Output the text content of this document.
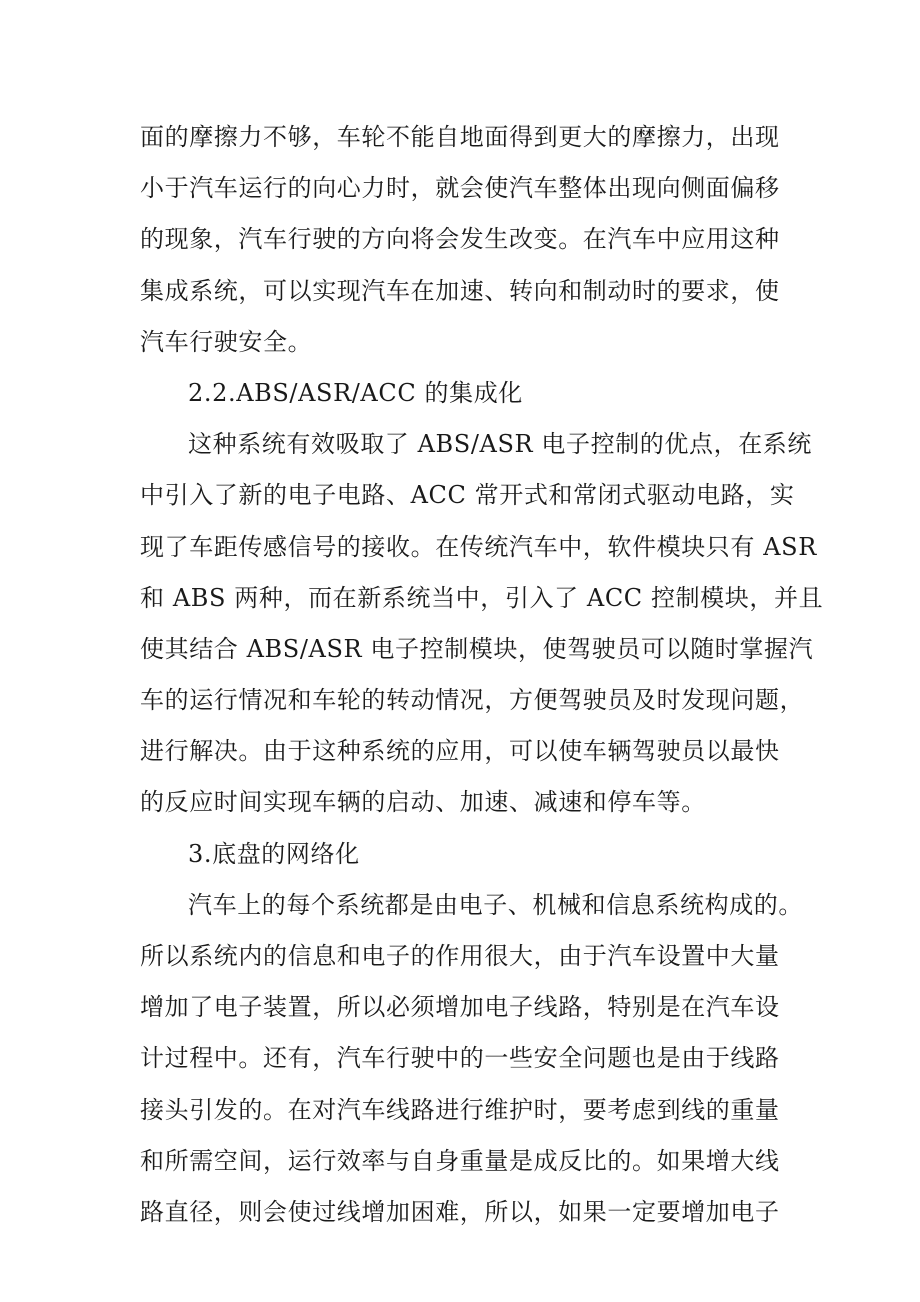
面的摩擦力不够，车轮不能自地面得到更大的摩擦力，出现
小于汽车运行的向心力时，就会使汽车整体出现向侧面偏移
的现象，汽车行驶的方向将会发生改变。在汽车中应用这种
集成系统，可以实现汽车在加速、转向和制动时的要求，使
汽车行驶安全。
2.2.ABS/ASR/ACC 的集成化
这种系统有效吸取了 ABS/ASR 电子控制的优点，在系统
中引入了新的电子电路、ACC 常开式和常闭式驱动电路，实
现了车距传感信号的接收。在传统汽车中，软件模块只有 ASR
和 ABS 两种，而在新系统当中，引入了 ACC 控制模块，并且
使其结合 ABS/ASR 电子控制模块，使驾驶员可以随时掌握汽
车的运行情况和车轮的转动情况，方便驾驶员及时发现问题，
进行解决。由于这种系统的应用，可以使车辆驾驶员以最快
的反应时间实现车辆的启动、加速、减速和停车等。
3.底盘的网络化
汽车上的每个系统都是由电子、机械和信息系统构成的。
所以系统内的信息和电子的作用很大，由于汽车设置中大量
增加了电子装置，所以必须增加电子线路，特别是在汽车设
计过程中。还有，汽车行驶中的一些安全问题也是由于线路
接头引发的。在对汽车线路进行维护时，要考虑到线的重量
和所需空间，运行效率与自身重量是成反比的。如果增大线
路直径，则会使过线增加困难，所以，如果一定要增加电子
